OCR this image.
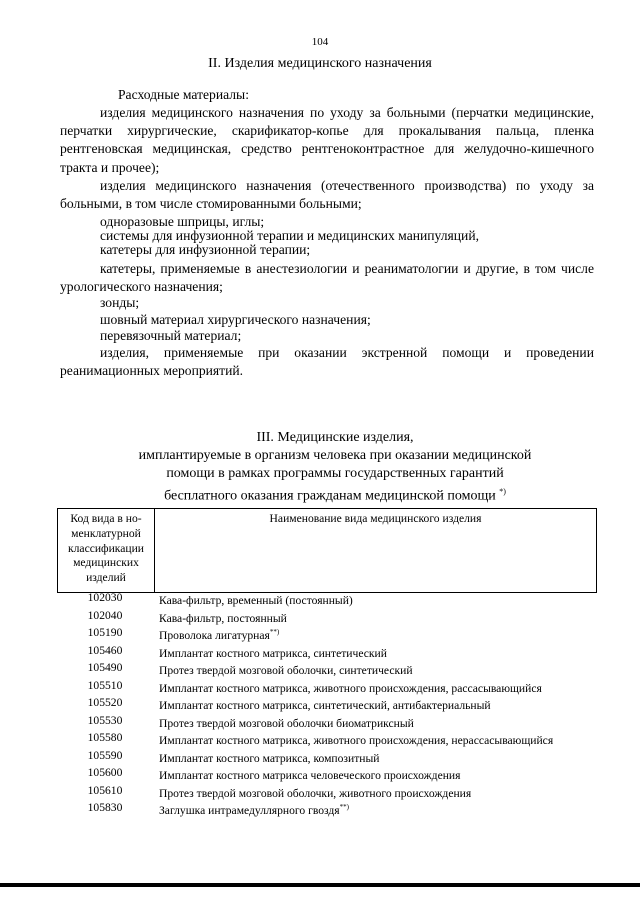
104
II. Изделия медицинского назначения
Расходные материалы:
изделия медицинского назначения по уходу за больными (перчатки медицинские, перчатки хирургические, скарификатор-копье для прокалывания пальца, пленка рентгеновская медицинская, средство рентгеноконтрастное для желудочно-кишечного тракта и прочее);
изделия медицинского назначения (отечественного производства) по уходу за больными, в том числе стомированными больными;
одноразовые шприцы, иглы;
системы для инфузионной терапии и медицинских манипуляций,
катетеры для инфузионной терапии;
катетеры, применяемые в анестезиологии и реаниматологии и другие, в том числе урологического назначения;
зонды;
шовный материал хирургического назначения;
перевязочный материал;
изделия, применяемые при оказании экстренной помощи и проведении реанимационных мероприятий.
III. Медицинские изделия,
имплантируемые в организм человека при оказании медицинской
помощи в рамках программы государственных гарантий
бесплатного оказания гражданам медицинской помощи *)
Код вида в но- менклатурной классификации медицинских изделий	Наименование вида медицинского изделия
102030	Кава-фильтр, временный (постоянный)
102040	Кава-фильтр, постоянный
105190	Проволока лигатурная**)
105460	Имплантат костного матрикса, синтетический
105490	Протез твердой мозговой оболочки, синтетический
105510	Имплантат костного матрикса, животного происхождения, рассасывающийся
105520	Имплантат костного матрикса, синтетический, антибактериальный
105530	Протез твердой мозговой оболочки биоматриксный
105580	Имплантат костного матрикса, животного происхождения, нерассасывающийся
105590	Имплантат костного матрикса, композитный
105600	Имплантат костного матрикса человеческого происхождения
105610	Протез твердой мозговой оболочки, животного происхождения
105830	Заглушка интрамедуллярного гвоздя**)
